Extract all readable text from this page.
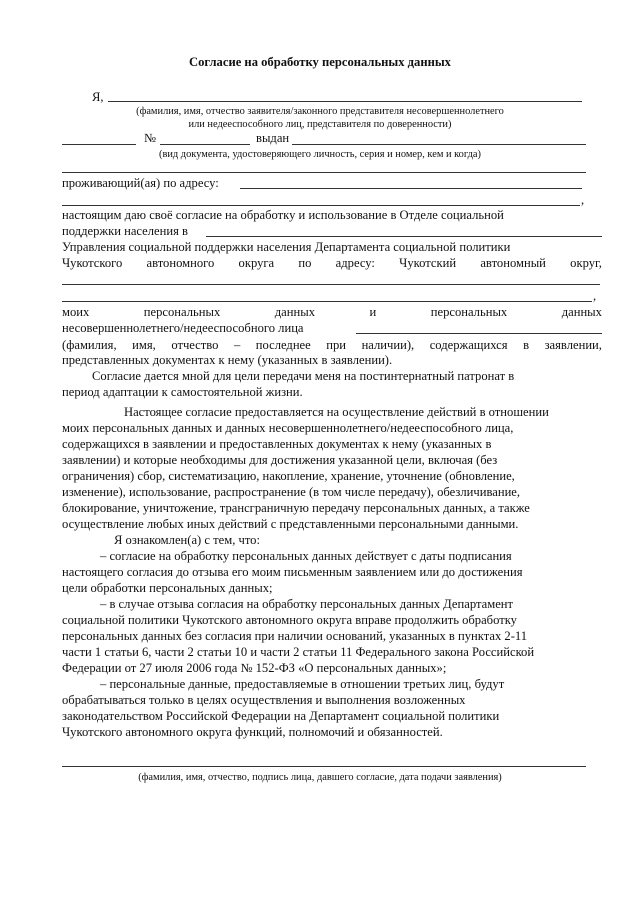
Согласие на обработку персональных данных
Я,
(фамилия, имя, отчество заявителя/законного представителя несовершеннолетнего
или недееспособного лиц, представителя по доверенности)
№	выдан
(вид документа, удостоверяющего личность, серия и номер, кем и когда)
проживающий(ая) по адресу:
,
настоящим даю своё согласие на обработку и использование в Отделе социальной
поддержки населения в
Управления социальной поддержки населения Департамента социальной политики
Чукотского автономного округа по адресу: Чукотский автономный округ,
,
моих	персональных	данных	и	персональных	данных
несовершеннолетнего/недееспособного лица
(фамилия, имя, отчество – последнее при наличии), содержащихся в заявлении,
представленных документах к нему (указанных в заявлении).
Согласие дается мной для цели передачи меня на постинтернатный патронат в
период адаптации к самостоятельной жизни.
Настоящее согласие предоставляется на осуществление действий в отношении
моих персональных данных и данных несовершеннолетнего/недееспособного лица,
содержащихся в заявлении и предоставленных документах к нему (указанных в
заявлении) и которые необходимы для достижения указанной цели, включая (без
ограничения) сбор, систематизацию, накопление, хранение, уточнение (обновление,
изменение), использование, распространение (в том числе передачу), обезличивание,
блокирование, уничтожение, трансграничную передачу персональных данных, а также
осуществление любых иных действий с представленными персональными данными.
Я ознакомлен(а) с тем, что:
– согласие на обработку персональных данных действует с даты подписания
настоящего согласия до отзыва его моим письменным заявлением или до достижения
цели обработки персональных данных;
– в случае отзыва согласия на обработку персональных данных Департамент
социальной политики Чукотского автономного округа вправе продолжить обработку
персональных данных без согласия при наличии оснований, указанных в пунктах 2-11
части 1 статьи 6, части 2 статьи 10 и части 2 статьи 11 Федерального закона Российской
Федерации от 27 июля 2006 года № 152-ФЗ «О персональных данных»;
– персональные данные, предоставляемые в отношении третьих лиц, будут
обрабатываться только в целях осуществления и выполнения возложенных
законодательством Российской Федерации на Департамент социальной политики
Чукотского автономного округа функций, полномочий и обязанностей.
(фамилия, имя, отчество, подпись лица, давшего согласие, дата подачи заявления)
